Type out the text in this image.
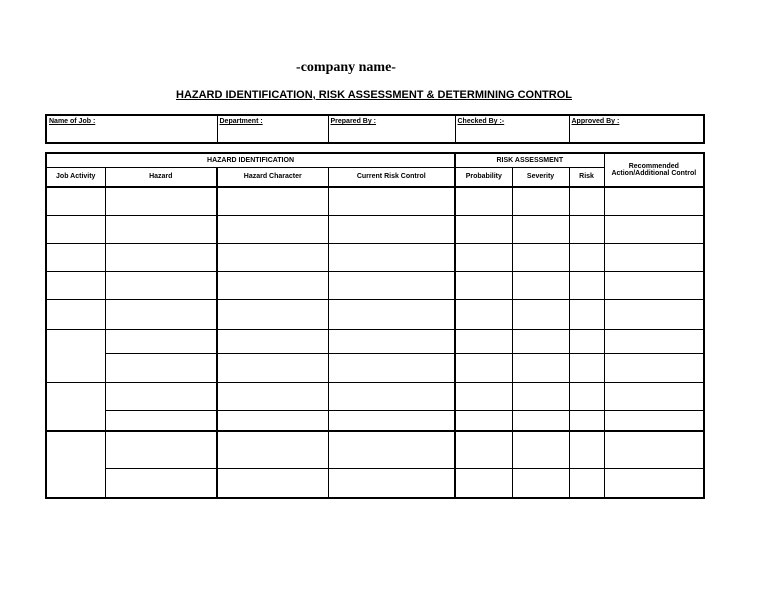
-company name-
HAZARD IDENTIFICATION, RISK ASSESSMENT & DETERMINING CONTROL
Name of Job :	Department :	Prepared By :	Checked By :-	Approved By :
HAZARD IDENTIFICATION				RISK ASSESSMENT			Recommended Action/Additional Control
Job Activity	Hazard	Hazard Character	Current Risk Control	Probability	Severity	Risk	
